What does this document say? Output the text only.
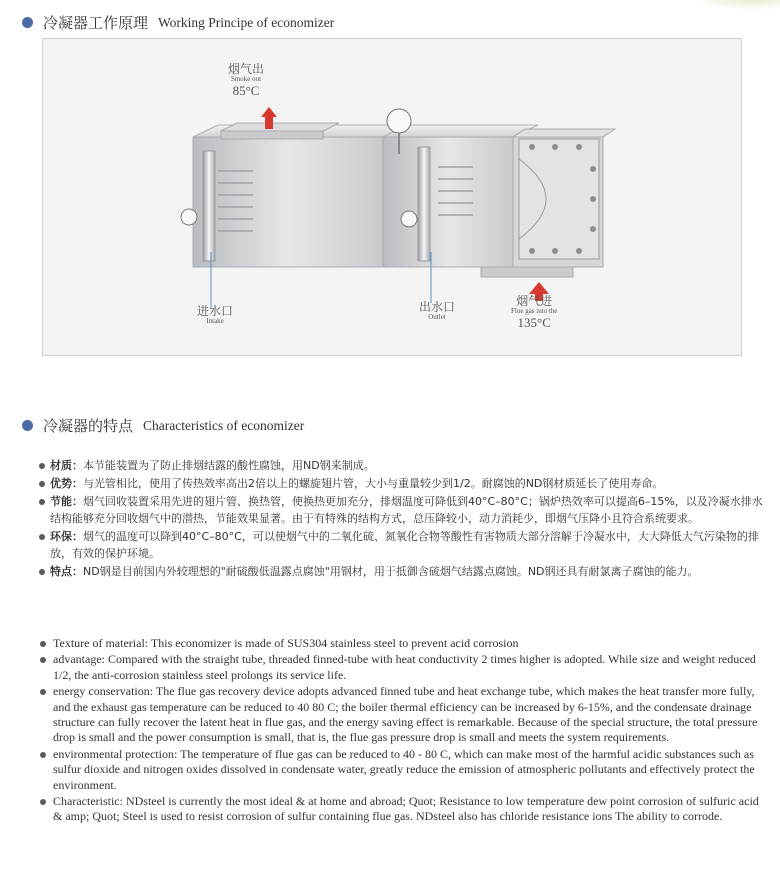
冷凝器工作原理 Working Principe of economizer
烟气出
Smoke out
85°C
进水口
Intake
出水口
Outlet
烟气进
Flue gas into the
135°C
冷凝器的特点 Characteristics of economizer
材质：本节能装置为了防止排烟结露的酸性腐蚀，用ND钢来制成。
优势：与光管相比，使用了传热效率高出2倍以上的螺旋翅片管，大小与重量较少到1/2。耐腐蚀的ND钢材质延长了使用寿命。
节能：烟气回收装置采用先进的翅片管、换热管，使换热更加充分，排烟温度可降低到40°C–80°C；锅炉热效率可以提高6–15%，以及冷凝水排水结构能够充分回收烟气中的潜热，节能效果显著。由于有特殊的结构方式，总压降较小，动力消耗少，即烟气压降小且符合系统要求。
环保：烟气的温度可以降到40°C–80°C，可以使烟气中的二氧化硫、氮氧化合物等酸性有害物质大部分溶解于冷凝水中，大大降低大气污染物的排放，有效的保护环境。
特点：ND钢是目前国内外较理想的"耐硫酸低温露点腐蚀"用钢材，用于抵御含硫烟气结露点腐蚀。ND钢还具有耐氯离子腐蚀的能力。
Texture of material: This economizer is made of SUS304 stainless steel to prevent acid corrosion
advantage: Compared with the straight tube, threaded finned-tube with heat conductivity 2 times higher is adopted. While size and weight reduced 1/2, the anti-corrosion stainless steel prolongs its service life.
energy conservation: The flue gas recovery device adopts advanced finned tube and heat exchange tube, which makes the heat transfer more fully, and the exhaust gas temperature can be reduced to 40 80 C; the boiler thermal efficiency can be increased by 6-15%, and the condensate drainage structure can fully recover the latent heat in flue gas, and the energy saving effect is remarkable. Because of the special structure, the total pressure drop is small and the power consumption is small, that is, the flue gas pressure drop is small and meets the system requirements.
environmental protection: The temperature of flue gas can be reduced to 40 - 80 C, which can make most of the harmful acidic substances such as sulfur dioxide and nitrogen oxides dissolved in condensate water, greatly reduce the emission of atmospheric pollutants and effectively protect the environment.
Characteristic: NDsteel is currently the most ideal & at home and abroad; Quot; Resistance to low temperature dew point corrosion of sulfuric acid & amp; Quot; Steel is used to resist corrosion of sulfur containing flue gas. NDsteel also has chloride resistance ions The ability to corrode.
